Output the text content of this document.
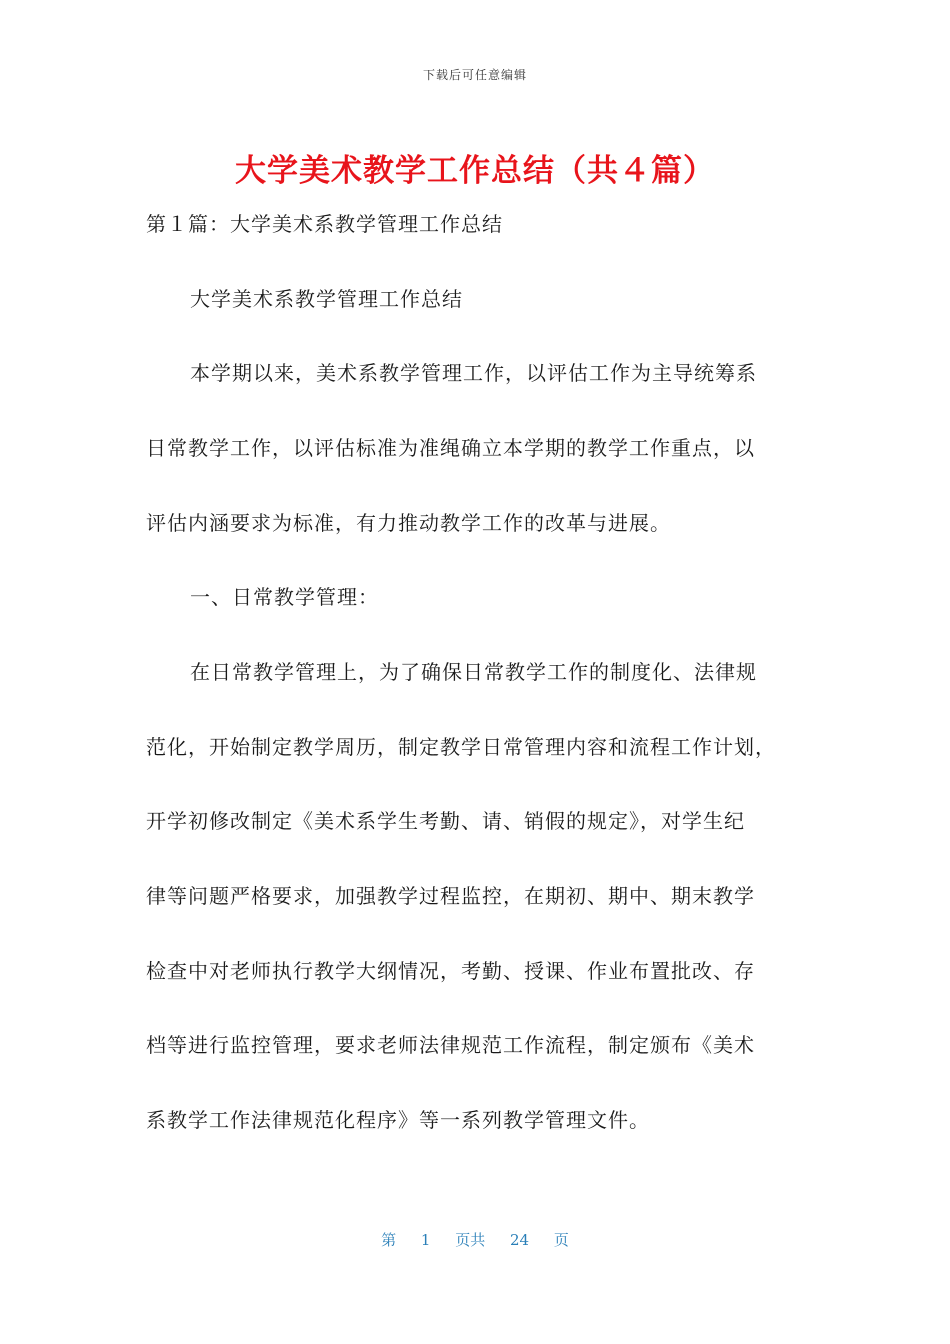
下载后可任意编辑
大学美术教学工作总结（共４篇）
第１篇：大学美术系教学管理工作总结
大学美术系教学管理工作总结
本学期以来，美术系教学管理工作，以评估工作为主导统筹系
日常教学工作，以评估标准为准绳确立本学期的教学工作重点，以
评估内涵要求为标准，有力推动教学工作的改革与进展。
一、日常教学管理：
在日常教学管理上，为了确保日常教学工作的制度化、法律规
范化，开始制定教学周历，制定教学日常管理内容和流程工作计划，
开学初修改制定《美术系学生考勤、请、销假的规定》，对学生纪
律等问题严格要求，加强教学过程监控，在期初、期中、期末教学
检查中对老师执行教学大纲情况，考勤、授课、作业布置批改、存
档等进行监控管理，要求老师法律规范工作流程，制定颁布《美术
系教学工作法律规范化程序》等一系列教学管理文件。
第 1 页共 24 页
